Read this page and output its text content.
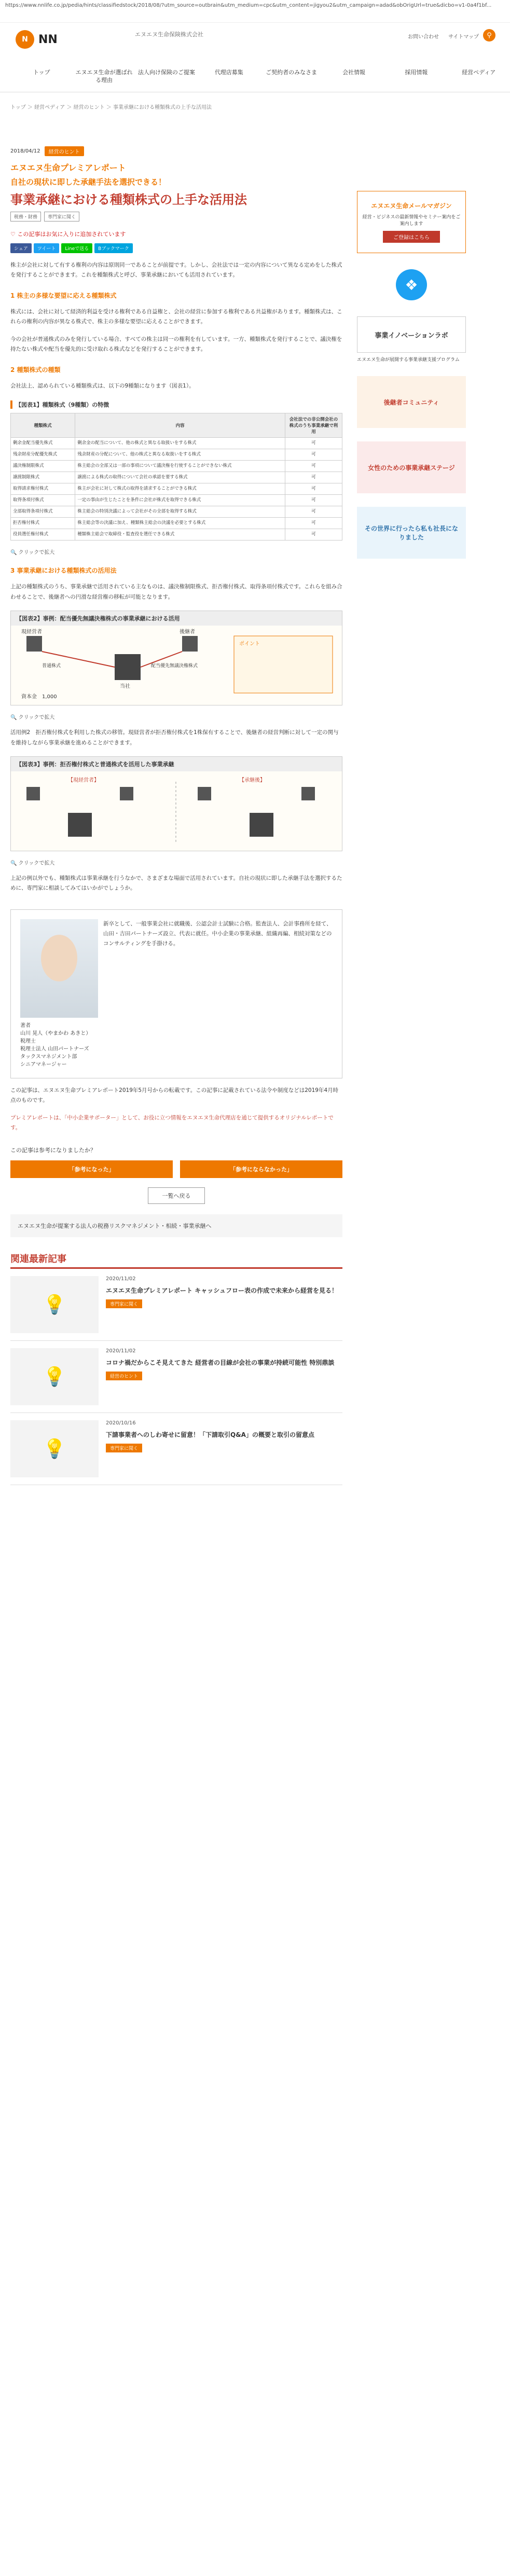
https://www.nnlife.co.jp/pedia/hints/classifiedstock/2018/08/?utm_source=outbrain&utm_medium=cpc&utm_content=jigyou2&utm_campaign=adad&obOrigUrl=true&dicbo=v1-0a4f1bf...
N NN	エヌエヌ生命保険株式会社	お問い合わせ サイトマップ	⚲
トップ	エヌエヌ生命が選ばれる理由
法人向け保険のご提案	代理店募集	ご契約者のみなさま	会社情報	採用情報	経営ペディア
トップ ＞ 経営ペディア ＞ 経営のヒント ＞ 事業承継における種類株式の上手な活用法
2018/04/12	経営のヒント
エヌエヌ生命プレミアレポート
自社の現状に即した承継手法を選択できる！
事業承継における種類株式の上手な活用法
税務・財務	専門家に聞く
♡ この記事はお気に入りに追加されています
シェア	ツイート	Lineで送る	Bブックマーク

株主が会社に対して有する権利の内容は原則同一であることが前提です。しかし、会社法では一定の内容について異なる定めをした株式を発行することができます。これを種類株式と呼び、事業承継においても活用されています。

1 株主の多様な要望に応える種類株式

株式には、会社に対して経済的利益を受ける権利である自益権と、会社の経営に参加する権利である共益権があります。種類株式は、これらの権利の内容が異なる株式で、株主の多様な要望に応えることができます。

今の会社が普通株式のみを発行している場合、すべての株主は同一の権利を有しています。一方、種類株式を発行することで、議決権を持たない株式や配当を優先的に受け取れる株式などを発行することができます。

2 種類株式の種類

会社法上、認められている種類株式は、以下の9種類になります（図表1）。

【図表1】種類株式（9種類）の特徴
種類株式	内容	会社法での非公開会社の株式のうち事業承継で利用
剰余金配当優先株式	剰余金の配当について、他の株式と異なる取扱いをする株式	可
残余財産分配優先株式	残余財産の分配について、他の株式と異なる取扱いをする株式	可
議決権制限株式	株主総会の全部又は一部の事項について議決権を行使することができない株式	可
譲渡制限株式	譲渡による株式の取得について会社の承認を要する株式	可
取得請求権付株式	株主が会社に対して株式の取得を請求することができる株式	可
取得条項付株式	一定の事由が生じたことを条件に会社が株式を取得できる株式	可
全部取得条項付株式	株主総会の特別決議によって会社がその全部を取得する株式	可
拒否権付株式	株主総会等の決議に加え、種類株主総会の決議を必要とする株式	可
役員選任権付株式	種類株主総会で取締役・監査役を選任できる株式	可
🔍 クリックで拡大
3 事業承継における種類株式の活用法

上記の種類株式のうち、事業承継で活用されている主なものは、議決権制限株式、拒否権付株式、取得条項付株式です。これらを組み合わせることで、後継者への円滑な経営権の移転が可能となります。

【図表2】事例：配当優先無議決権株式の事業承継における活用
現経営者
当社
後継者
普通株式	配当優先無議決権株式
資本金 1,000
ポイント
🔍 クリックで拡大

活用例2　拒否権付株式を利用した株式の移管。現経営者が拒否権付株式を1株保有することで、後継者の経営判断に対して一定の関与を維持しながら事業承継を進めることができます。

【図表3】事例：拒否権付株式と普通株式を活用した事業承継
【現経営者】	【承継後】
🔍 クリックで拡大

上記の例以外でも、種類株式は事業承継を行うなかで、さまざまな場面で活用されています。自社の現状に即した承継手法を選択するために、専門家に相談してみてはいかがでしょうか。

著者
山川 晃人（やまかわ あきと）
税理士
税理士法人 山田パートナーズ
タックスマネジメント部
シニアマネージャー
新卒として、一般事業会社に就職後、公認会計士試験に合格。監査法人、会計事務所を経て、山田・吉田パートナーズ設立、代表に就任。中小企業の事業承継、組織再編、相続対策などのコンサルティングを手掛ける。

この記事は、エヌエヌ生命プレミアレポート2019年5月号からの転載です。この記事に記載されている法令や制度などは2019年4月時点のものです。

プレミアレポートは、「中小企業サポーター」として、お役に立つ情報をエヌエヌ生命代理店を通じて提供するオリジナルレポートです。

この記事は参考になりましたか？
「参考になった」	「参考にならなかった」
一覧へ戻る
エヌエヌ生命が提案する法人の税務リスクマネジメント・相続・事業承継へ
関連最新記事
💡
2020/11/02
エヌエヌ生命プレミアレポート キャッシュフロー表の作成で未来から経営を見る！
専門家に聞く
💡
2020/11/02
コロナ禍だからこそ見えてきた 経営者の目線が会社の事業が持続可能性 特別鼎談
経営のヒント
💡
2020/10/16
下請事業者へのしわ寄せに留意！「下請取引Q&A」の概要と取引の留意点
専門家に聞く
エヌエヌ生命メールマガジン
経営・ビジネスの最新情報やセミナー案内をご案内します
ご登録はこちら
❖
事業イノベーションラボ
エヌエヌ生命が展開する事業承継支援プログラム
後継者コミュニティ
女性のための事業承継ステージ
その世界に行ったら私も社長になりました
